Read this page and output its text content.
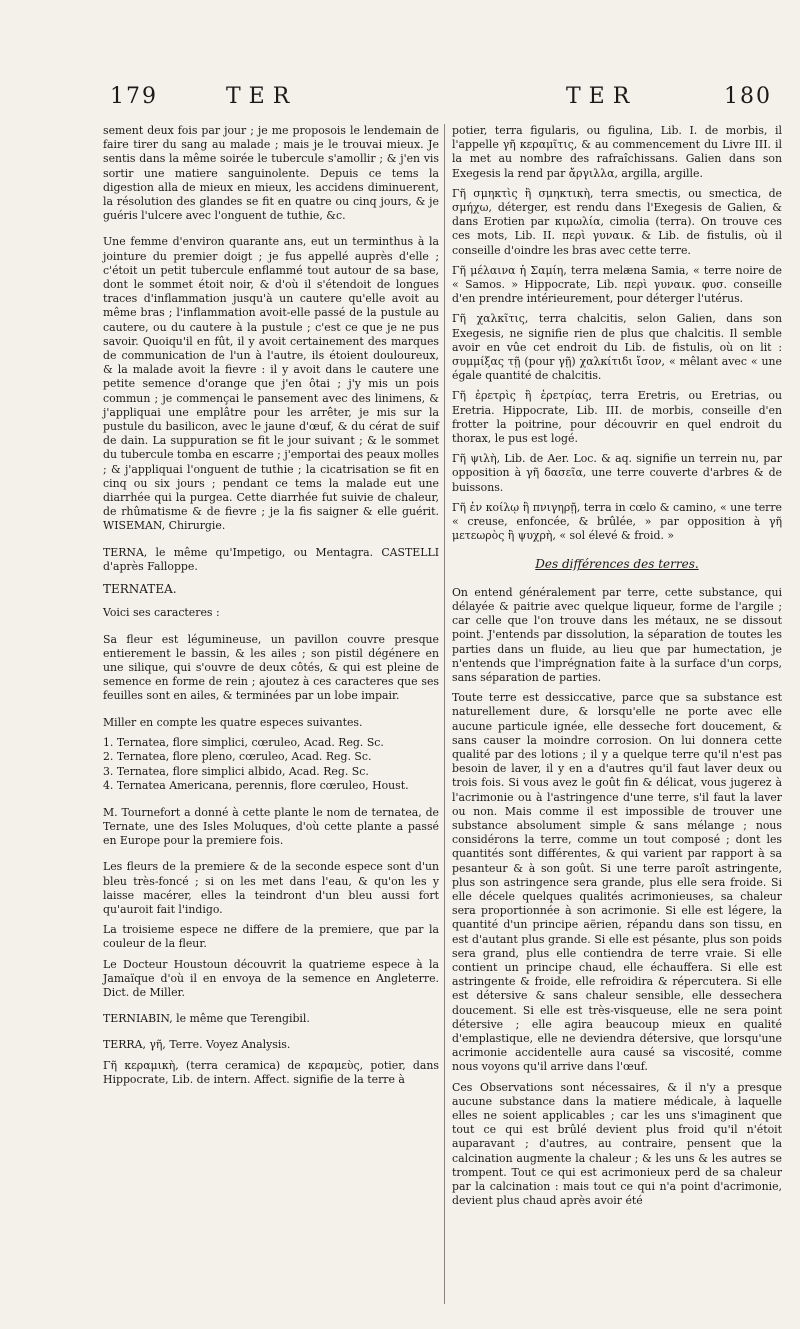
179	TER	TER	180

sement deux fois par jour ; je me proposois le lendemain de faire tirer du sang au malade ; mais je le trouvai mieux. Je sentis dans la même soirée le tubercule s'amollir ; & j'en vis sortir une matiere sanguinolente. Depuis ce tems la digestion alla de mieux en mieux, les accidens diminuerent, la résolution des glandes se fit en quatre ou cinq jours, & je guéris l'ulcere avec l'onguent de tuthie, &c.

Une femme d'environ quarante ans, eut un terminthus à la jointure du premier doigt ; je fus appellé auprès d'elle ; c'étoit un petit tubercule enflammé tout autour de sa base, dont le sommet étoit noir, & d'où il s'étendoit de longues traces d'inflammation jusqu'à un cautere qu'elle avoit au même bras ; l'inflammation avoit-elle passé de la pustule au cautere, ou du cautere à la pustule ; c'est ce que je ne pus savoir. Quoiqu'il en fût, il y avoit certainement des marques de communication de l'un à l'autre, ils étoient douloureux, & la malade avoit la fievre : il y avoit dans le cautere une petite semence d'orange que j'en ôtai ; j'y mis un pois commun ; je commençai le pansement avec des linimens, & j'appliquai une emplâtre pour les arrêter, je mis sur la pustule du basilicon, avec le jaune d'œuf, & du cérat de suif de dain. La suppuration se fit le jour suivant ; & le sommet du tubercule tomba en escarre ; j'emportai des peaux molles ; & j'appliquai l'onguent de tuthie ; la cicatrisation se fit en cinq ou six jours ; pendant ce tems la malade eut une diarrhée qui la purgea. Cette diarrhée fut suivie de chaleur, de rhûmatisme & de fievre ; je la fis saigner & elle guérit. WISEMAN, Chirurgie.

TERNA, le même qu'Impetigo, ou Mentagra. CASTELLI d'après Falloppe.

TERNATEA.

Voici ses caracteres :

Sa fleur est légumineuse, un pavillon couvre presque entierement le bassin, & les ailes ; son pistil dégénere en une silique, qui s'ouvre de deux côtés, & qui est pleine de semence en forme de rein ; ajoutez à ces caracteres que ses feuilles sont en ailes, & terminées par un lobe impair.

Miller en compte les quatre especes suivantes.

1. Ternatea, flore simplici, cœruleo, Acad. Reg. Sc.
2. Ternatea, flore pleno, cœruleo, Acad. Reg. Sc.
3. Ternatea, flore simplici albido, Acad. Reg. Sc.
4. Ternatea Americana, perennis, flore cœruleo, Houst.

M. Tournefort a donné à cette plante le nom de ternatea, de Ternate, une des Isles Moluques, d'où cette plante a passé en Europe pour la premiere fois.

Les fleurs de la premiere & de la seconde espece sont d'un bleu très-foncé ; si on les met dans l'eau, & qu'on les y laisse macérer, elles la teindront d'un bleu aussi fort qu'auroit fait l'indigo.

La troisieme espece ne differe de la premiere, que par la couleur de la fleur.

Le Docteur Houstoun découvrit la quatrieme espece à la Jamaïque d'où il en envoya de la semence en Angleterre. Dict. de Miller.

TERNIABIN, le même que Terengibil.

TERRA, γῆ, Terre. Voyez Analysis.

Γῆ κεραμικὴ, (terra ceramica) de κεραμεὺς, potier, dans Hippocrate, Lib. de intern. Affect. signifie de la terre à

potier, terra figularis, ou figulina, Lib. I. de morbis, il l'appelle γῆ κεραμῖτις, & au commencement du Livre III. il la met au nombre des rafraîchissans. Galien dans son Exegesis la rend par ἄργιλλα, argilla, argille.

Γῆ σμηκτὶς ἢ σμηκτικὴ, terra smectis, ou smectica, de σμήχω, déterger, est rendu dans l'Exegesis de Galien, & dans Erotien par κιμωλία, cimolia (terra). On trouve ces ces mots, Lib. II. περὶ γυναικ. & Lib. de fistulis, où il conseille d'oindre les bras avec cette terre.

Γῆ μέλαινα ἡ Σαμίη, terra melæna Samia, « terre noire de « Samos. » Hippocrate, Lib. περὶ γυναικ. φυσ. conseille d'en prendre intérieurement, pour déterger l'utérus.

Γῆ χαλκῖτις, terra chalcitis, selon Galien, dans son Exegesis, ne signifie rien de plus que chalcitis. Il semble avoir en vûe cet endroit du Lib. de fistulis, où on lit : συμμίξας τῇ (pour γῇ) χαλκίτιδι ἴσον, « mêlant avec « une égale quantité de chalcitis.

Γῆ ἐρετρὶς ἢ ἐρετρίας, terra Eretris, ou Eretrias, ou Eretria. Hippocrate, Lib. III. de morbis, conseille d'en frotter la poitrine, pour découvrir en quel endroit du thorax, le pus est logé.

Γῆ ψιλὴ, Lib. de Aer. Loc. & aq. signifie un terrein nu, par opposition à γῆ δασεῖα, une terre couverte d'arbres & de buissons.

Γῆ ἐν κοίλῳ ἢ πνιγηρῇ, terra in cœlo & camino, « une terre « creuse, enfoncée, & brûlée, » par opposition à γῆ μετεωρὸς ἢ ψυχρὴ, « sol élevé & froid. »

Des différences des terres.

On entend généralement par terre, cette substance, qui délayée & paitrie avec quelque liqueur, forme de l'argile ; car celle que l'on trouve dans les métaux, ne se dissout point. J'entends par dissolution, la séparation de toutes les parties dans un fluide, au lieu que par humectation, je n'entends que l'imprégnation faite à la surface d'un corps, sans séparation de parties.

Toute terre est dessiccative, parce que sa substance est naturellement dure, & lorsqu'elle ne porte avec elle aucune particule ignée, elle desseche fort doucement, & sans causer la moindre corrosion. On lui donnera cette qualité par des lotions ; il y a quelque terre qu'il n'est pas besoin de laver, il y en a d'autres qu'il faut laver deux ou trois fois. Si vous avez le goût fin & délicat, vous jugerez à l'acrimonie ou à l'astringence d'une terre, s'il faut la laver ou non. Mais comme il est impossible de trouver une substance absolument simple & sans mélange ; nous considérons la terre, comme un tout composé ; dont les quantités sont différentes, & qui varient par rapport à sa pesanteur & à son goût. Si une terre paroît astringente, plus son astringence sera grande, plus elle sera froide. Si elle décele quelques qualités acrimonieuses, sa chaleur sera proportionnée à son acrimonie. Si elle est légere, la quantité d'un principe aërien, répandu dans son tissu, en est d'autant plus grande. Si elle est pésante, plus son poids sera grand, plus elle contiendra de terre vraie. Si elle contient un principe chaud, elle échauffera. Si elle est astringente & froide, elle refroidira & répercutera. Si elle est détersive & sans chaleur sensible, elle dessechera doucement. Si elle est très-visqueuse, elle ne sera point détersive ; elle agira beaucoup mieux en qualité d'emplastique, elle ne deviendra détersive, que lorsqu'une acrimonie accidentelle aura causé sa viscosité, comme nous voyons qu'il arrive dans l'œuf.

Ces Observations sont nécessaires, & il n'y a presque aucune substance dans la matiere médicale, à laquelle elles ne soient applicables ; car les uns s'imaginent que tout ce qui est brûlé devient plus froid qu'il n'étoit auparavant ; d'autres, au contraire, pensent que la calcination augmente la chaleur ; & les uns & les autres se trompent. Tout ce qui est acrimonieux perd de sa chaleur par la calcination : mais tout ce qui n'a point d'acrimonie, devient plus chaud après avoir été
